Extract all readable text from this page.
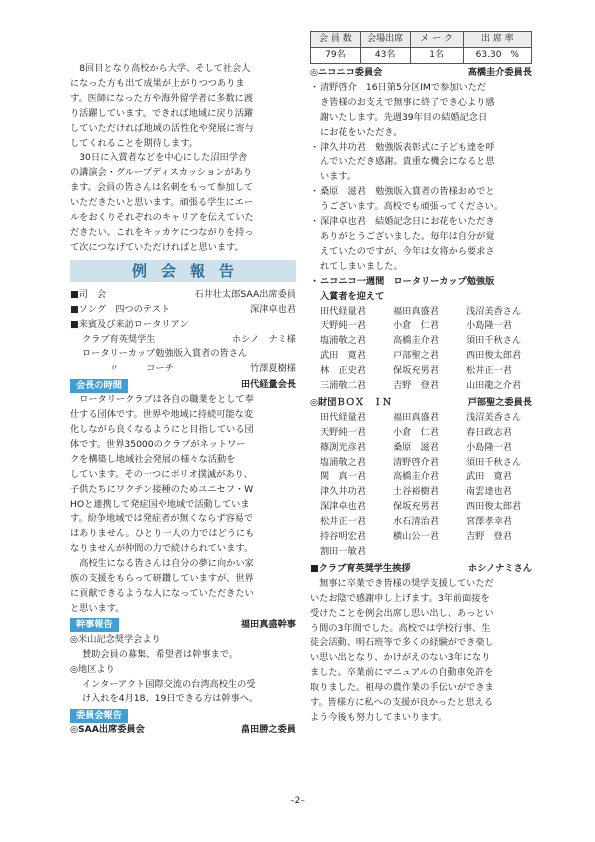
8回目となり高校から大学、そして社会人
になった方も出て成果が上がりつつありま
す。医師になった方や海外留学者に多数に渡
り活躍しています。できれば地域に戻り活躍
していただければ地域の活性化や発展に寄与
してくれることを期待します。
30日に入賞者などを中心にした沼田学舎
の講演会・グループディスカッションがあり
ます。会員の皆さんは名刺をもって参加して
いただきたいと思います。頑張る学生にエー
ルをおくりそれぞれのキャリアを伝えていた
だきたい。これをキッカケにつながりを持っ
て次につなげていただければと思います。
例会報告
■司　会	石井壮太郎SAA出席委員
■ソング　四つのテスト	深津卓也君
■来賓及び来訪ロータリアン
クラブ育英奨学生	ホシノ　ナミ様
ロータリーカップ勉強版入賞者の皆さん
　　　〃　　　コーチ	竹澤夏樹様
会長の時間	田代経量会長
ロータリークラブは各自の職業をとして奉
仕する団体です。世界や地域に持続可能な変
化しながら良くなるようにと目指している団
体です。世界35000のクラブがネットワー
クを構築し地域社会発展の様々な活動を
しています。その一つにポリオ撲滅があり、
子供たちにワクチン接種のためユニセフ・W
HOと連携して発症国や地域で活動していま
す。紛争地域では発症者が無くならず容易で
はありません。ひとり一人の力ではどうにも
なりませんが仲間の力で続けられています。
高校生になる皆さんは自分の夢に向かい家
族の支援をもらって研鑽していますが、世界
に貢献できるような人になっていただきたい
と思います。
幹事報告	福田真盛幹事
◎米山記念奨学会より
賛助会員の募集、希望者は幹事まで。
◎地区より
インターアクト国際交流の台湾高校生の受
け入れを4月18、19日できる方は幹事へ。
委員会報告
◎SAA出席委員会	畠田勝之委員
会 員 数	会場出席	メ ー ク	出 席 率
79名	43名	1名	63.30　%
◎ニコニコ委員会	高橋圭介委員長
・ 清野啓介　16日第5分区IMで参加いただ
き皆様のお支えで無事に終了でき心より感
謝いたします。先週39年目の結婚記念日
にお花をいただき。
・ 津久井功君　勉強版表彰式に子ども達を呼
んでいただき感謝。貴重な機会になると思
います。
・ 桑原　滋君　勉強版入賞者の皆様おめでと
うございます。高校でも頑張ってください。
・ 深津卓也君　結婚記念日にお花をいただき
ありがとうございました。毎年は自分が覚
えていたのですが、今年は女将から要求さ
れてしまいました。
・ ニコニコ一週間　ロータリーカップ勉強版
入賞者を迎えて
田代経量君	福田真盛君	浅沼美香さん
天野純一君	小倉　仁君	小島隆一君
塩浦敬之君	高橋圭介君	須田千秋さん
武田　寛君	戸部聖之君	西田俊太郎君
林　正史君	保坂充男君	松井正一君
三浦敬二君	吉野　登君	山田龍之介君
◎財団ＢＯＸ　ＩＮ	戸部聖之委員長
田代経量君	福田真盛君	浅沼美香さん
天野純一君	小倉　仁君	春日政志君
篠渕光彦君	桑原　滋君	小島隆一君
塩浦敬之君	清野啓介君	須田千秋さん
関　真一君	高橋圭介君	武田　寛君
津久井功君	土谷裕樹君	南雲達也君
深津卓也君	保坂充男君	西田俊太郎君
松井正一君	水石清治君	宮澤孝幸君
持谷明宏君	横山公一君	吉野　登君
割田一敏君
■クラブ育英奨学生挨拶	ホシノナミさん
無事に卒業でき皆様の奨学支援していただ
いたお陰で感謝申し上げます。3年前面接を
受けたことを例会出席し思い出し、あっとい
う間の3年間でした。高校では学校行事、生
徒会活動、明石班等で多くの経験ができ楽し
い思い出となり、かけがえのない3年になり
ました。卒業前にマニュアルの自動車免許を
取りました。祖母の農作業の手伝いができま
す。皆様方に私への支援が良かったと思える
よう今後も努力してまいります。
–2–
